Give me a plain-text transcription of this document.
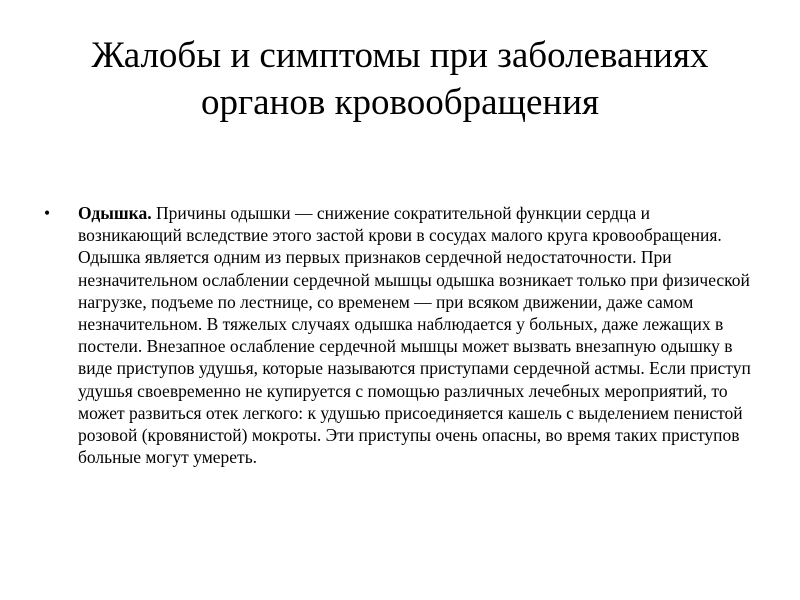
Жалобы и симптомы при заболеваниях органов кровообращения
• Одышка. Причины одышки — снижение сократительной функции сердца и возникающий вследствие этого застой крови в сосудах малого круга кровообращения. Одышка является одним из первых признаков сердечной недостаточности. При незначительном ослаблении сердечной мышцы одышка возникает только при физической нагрузке, подъеме по лестнице, со временем — при всяком движении, даже самом незначительном. В тяжелых случаях одышка наблюдается у больных, даже лежащих в постели. Внезапное ослабление сердечной мышцы может вызвать внезапную одышку в виде приступов удушья, которые называются приступами сердечной астмы. Если приступ удушья своевременно не купируется с помощью различных лечебных мероприятий, то может развиться отек легкого: к удушью присоединяется кашель с выделением пенистой розовой (кровянистой) мокроты. Эти приступы очень опасны, во время таких приступов больные могут умереть.
